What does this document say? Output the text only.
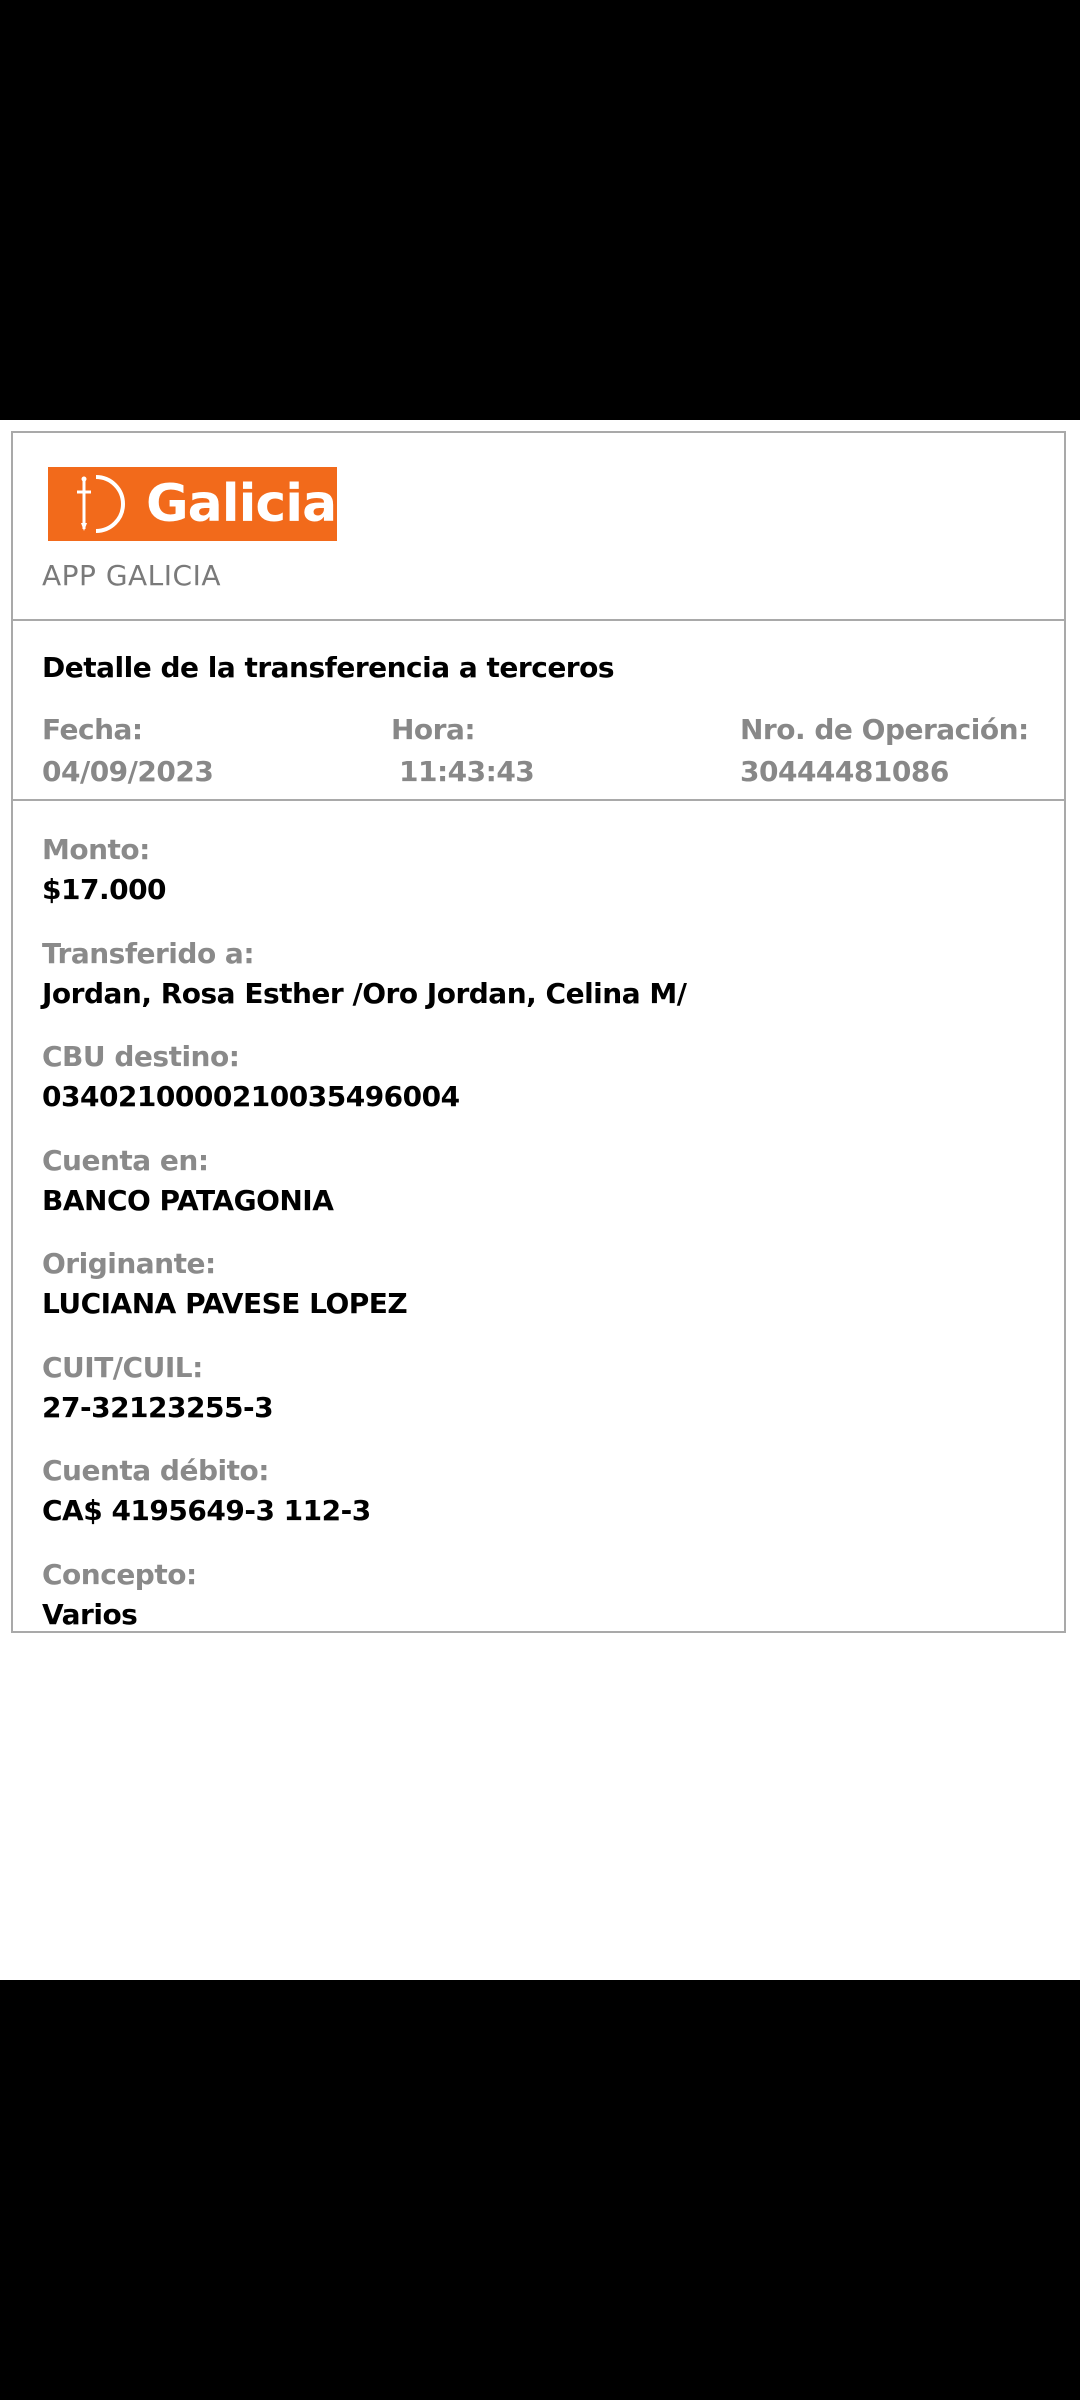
Galicia
APP GALICIA
Detalle de la transferencia a terceros
Fecha:
04/09/2023
Hora:
11:43:43
Nro. de Operación:
30444481086
Monto:
$17.000
Transferido a:
Jordan, Rosa Esther /Oro Jordan, Celina M/
CBU destino:
0340210000210035496004
Cuenta en:
BANCO PATAGONIA
Originante:
LUCIANA PAVESE LOPEZ
CUIT/CUIL:
27-32123255-3
Cuenta débito:
CA$ 4195649-3 112-3
Concepto:
Varios
